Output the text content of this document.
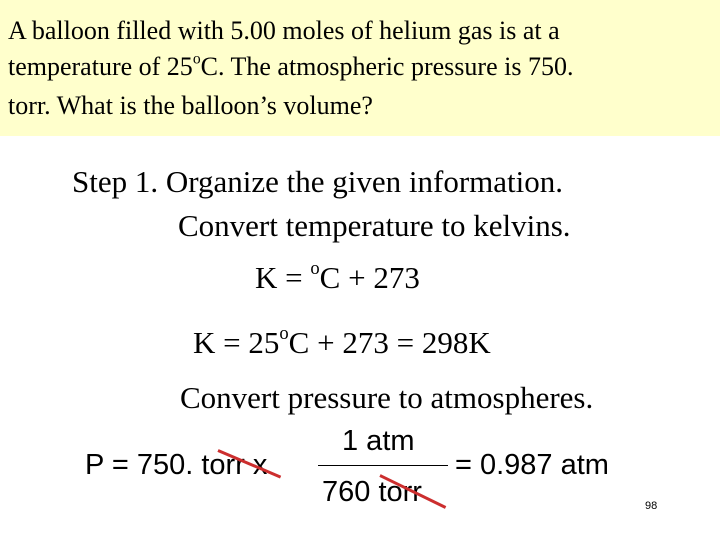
A balloon filled with 5.00 moles of helium gas is at a
temperature of 25$^o$C. The atmospheric pressure is 750.
torr. What is the balloon’s volume?
Step 1. Organize the given information.
Convert temperature to kelvins.
K = $^o$C + 273
$K = 25^oC + 273 = 298K$
Convert pressure to atmospheres.
P = 750. torr x
1 atm
760 torr
= 0.987 atm
98
